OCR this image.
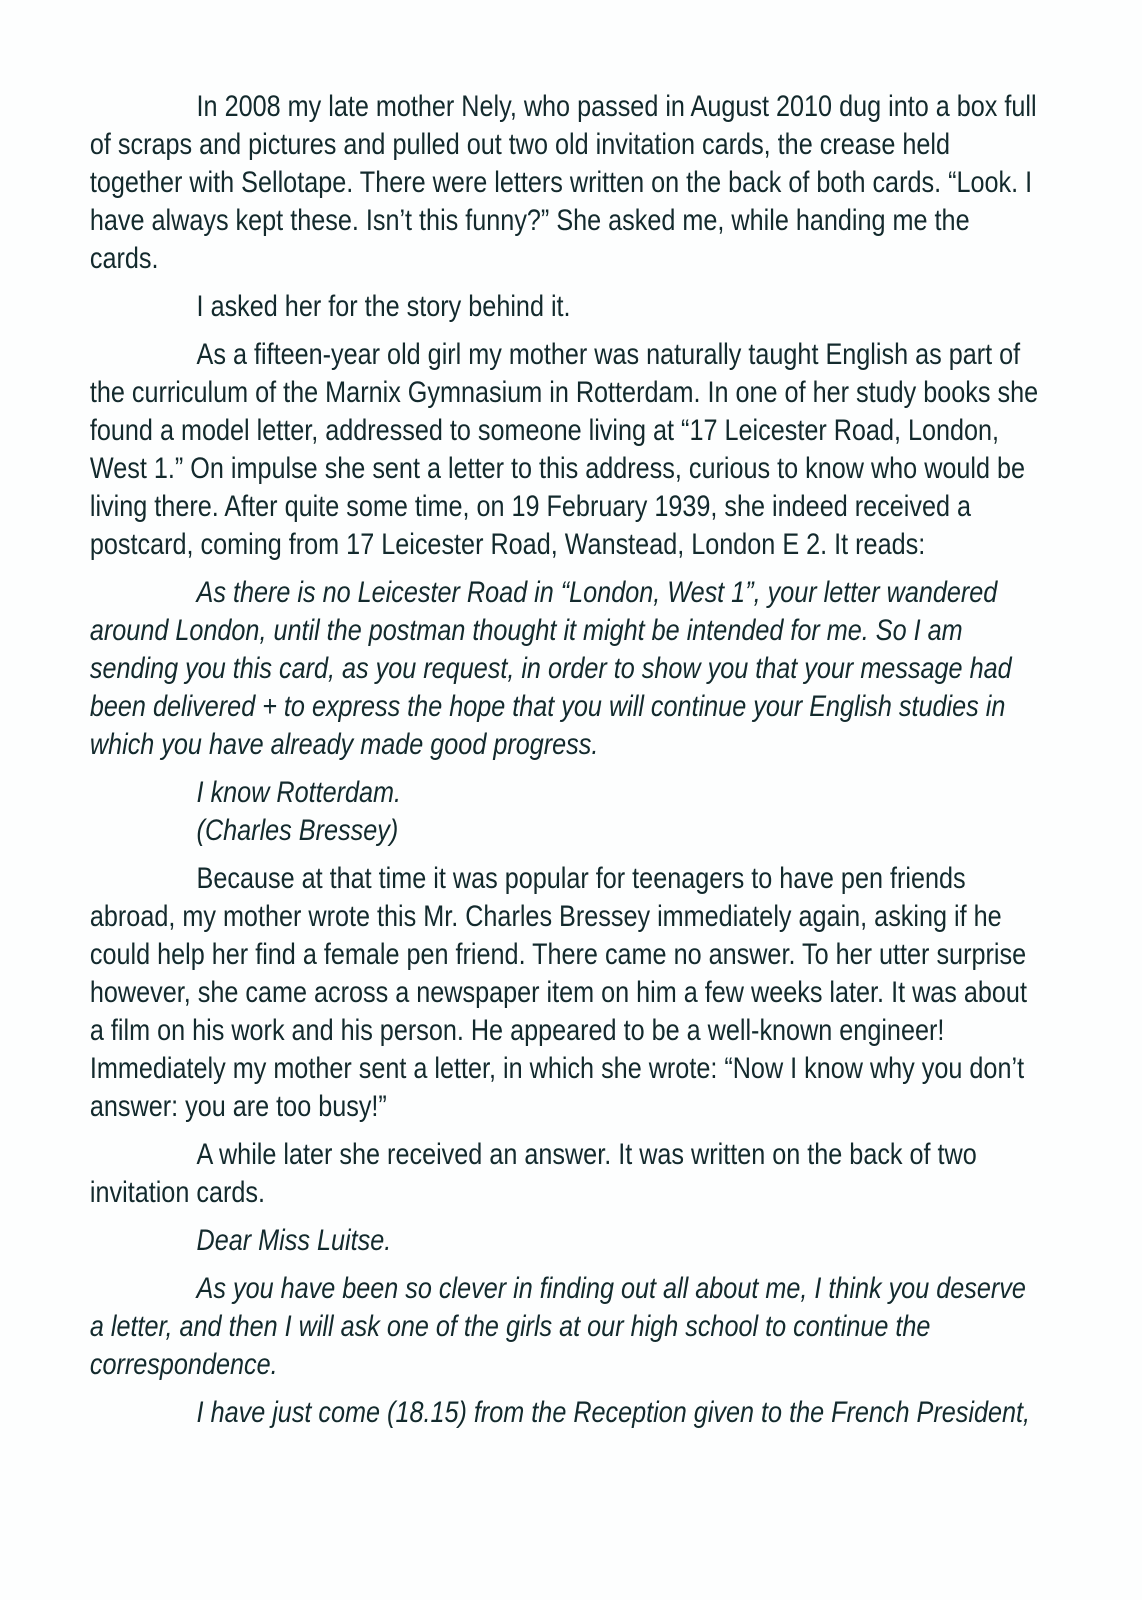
In 2008 my late mother Nely, who passed in August 2010 dug into a box full of scraps and pictures and pulled out two old invitation cards, the crease held together with Sellotape. There were letters written on the back of both cards. “Look. I have always kept these. Isn’t this funny?” She asked me, while handing me the cards.

I asked her for the story behind it.

As a fifteen-year old girl my mother was naturally taught English as part of the curriculum of the Marnix Gymnasium in Rotterdam. In one of her study books she found a model letter, addressed to someone living at “17 Leicester Road, London, West 1.” On impulse she sent a letter to this address, curious to know who would be living there. After quite some time, on 19 February 1939, she indeed received a postcard, coming from 17 Leicester Road, Wanstead, London E 2. It reads:

As there is no Leicester Road in “London, West 1”, your letter wandered around London, until the postman thought it might be intended for me. So I am sending you this card, as you request, in order to show you that your message had been delivered + to express the hope that you will continue your English studies in which you have already made good progress.

I know Rotterdam.

(Charles Bressey)

Because at that time it was popular for teenagers to have pen friends abroad, my mother wrote this Mr. Charles Bressey immediately again, asking if he could help her find a female pen friend. There came no answer. To her utter surprise however, she came across a newspaper item on him a few weeks later. It was about a film on his work and his person. He appeared to be a well-known engineer! Immediately my mother sent a letter, in which she wrote: “Now I know why you don’t answer: you are too busy!”

A while later she received an answer. It was written on the back of two invitation cards.

Dear Miss Luitse.

As you have been so clever in finding out all about me, I think you deserve a letter, and then I will ask one of the girls at our high school to continue the correspondence.

I have just come (18.15) from the Reception given to the French President,
